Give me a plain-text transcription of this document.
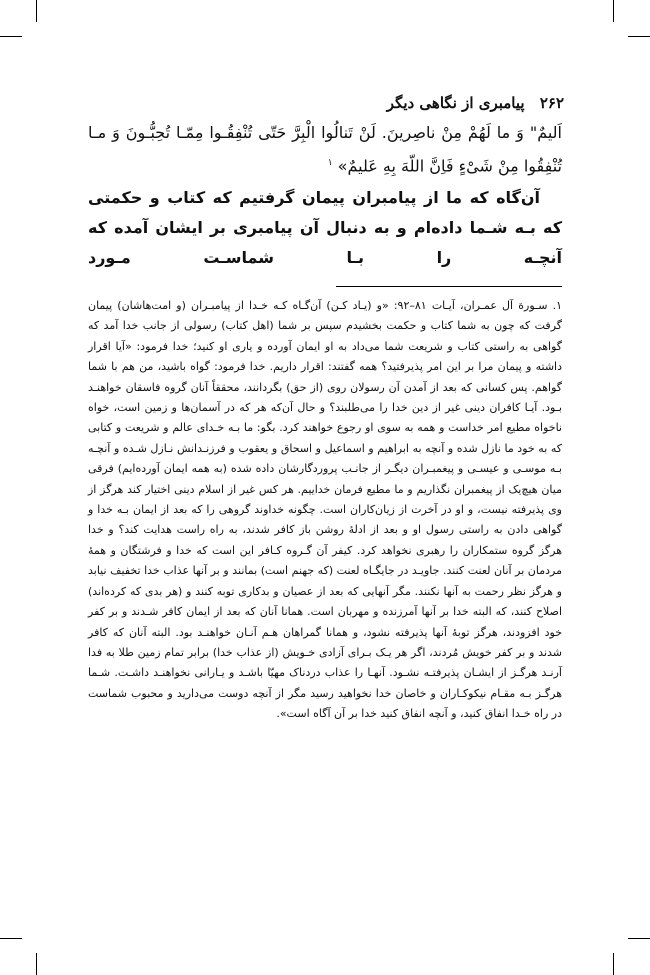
۲۶۲ پیامبری از نگاهی دیگر

اَلیمٌ" وَ ما لَهُمْ مِنْ ناصِرینَ. لَنْ تَنالُوا الْبِرَّ حَتّی تُنْفِقُـوا مِمّـا تُحِبُّـونَ وَ مـا تُنْفِقُوا مِنْ شَیْءٍ فَاِنَّ اللّهَ بِهِ عَلیمٌ» $^۱$

آن‌گاه که ما از پیامبران پیمان گرفتیم که کتاب و حکمتی که بـه شـما داده‌ام و به دنبال آن پیامبری بر ایشان آمده که آنچـه را بـا شماسـت مـورد

۱. سـورة آل عمـران، آیـات ۸۱–۹۲: «و (یـاد کـن) آن‌گـاه کـه خـدا از پیامبـران (و امت‌هاشان) پیمان گرفت که چون به شما کتاب و حکمت بخشیدم سپس بر شما (اهل کتاب) رسولی از جانب خدا آمد که گواهی به راستی کتاب و شریعت شما می‌داد به او ایمان آورده و یاری او کنید؛ خدا فرمود: «آیا اقرار داشته و پیمان مرا بر این امر پذیرفتید؟ همه گفتند: اقرار داریم. خدا فرمود: گواه باشید، من هم با شما گواهم. پس کسانی که بعد از آمدن آن رسولان روی (از حق) بگردانند، محققاً آنان گروه فاسقان خواهنـد بـود. آیـا کافران دینی غیر از دین خدا را می‌طلبند؟ و حال آن‌که هر که در آسمان‌ها و زمین است، خواه ناخواه مطیع امر خداست و همه به سوی او رجوع خواهند کرد. بگو: ما بـه خـدای عالم و شریعت و کتابی که به خود ما نازل شده و آنچه به ابراهیم و اسماعیل و اسحاق و یعقوب و فرزنـدانش نـازل شـده و آنچـه بـه موسـی و عیسـی و پیغمبـران دیگـر از جانـب پروردگارشان داده شده (به همه ایمان آورده‌ایم) فرقی میان هیچ‌یک از پیغمبران نگذاریم و ما مطیع فرمان خداییم. هر کس غیر از اسلام دینی اختیار کند هرگز از وی پذیرفته نیست، و او در آخرت از زیان‌کاران است. چگونه خداوند گروهی را که بعد از ایمان بـه خدا و گواهی دادن به راستی رسول او و بعد از ادلهٔ روشن باز کافر شدند، به راه راست هدایت کند؟ و خدا هرگز گروه ستمکاران را رهبری نخواهد کرد. کیفر آن گـروه کـافر این است که خدا و فرشتگان و همهٔ مردمان بر آنان لعنت کنند. جاویـد در جایگـاه لعنت (که جهنم است) بمانند و بر آنها عذاب خدا تخفیف نیابد و هرگز نظر رحمت به آنها نکنند. مگر آنهایی که بعد از عصیان و بدکاری توبه کنند و (هر بدی که کرده‌اند) اصلاح کنند، که البته خدا بر آنها آمرزنده و مهربان است. همانا آنان که بعد از ایمان کافر شـدند و بر کفر خود افزودند، هرگز توبهٔ آنها پذیرفته نشود، و همانا گمراهان هـم آنـان خواهنـد بود. البته آنان که کافر شدند و بر کفر خویش مُردند، اگر هر یـک بـرای آزادی خـویش (از عذاب خدا) برابر تمام زمین طلا به فدا آرنـد هرگـز از ایشـان پذیرفتـه نشـود. آنهـا را عذاب دردناک مهیّا باشـد و یـارانی نخواهنـد داشـت. شـما هرگـز بـه مقـام نیکوکـاران و خاصان خدا نخواهید رسید مگر از آنچه دوست می‌دارید و محبوب شماست در راه خـدا انفاق کنید، و آنچه انفاق کنید خدا بر آن آگاه است».
